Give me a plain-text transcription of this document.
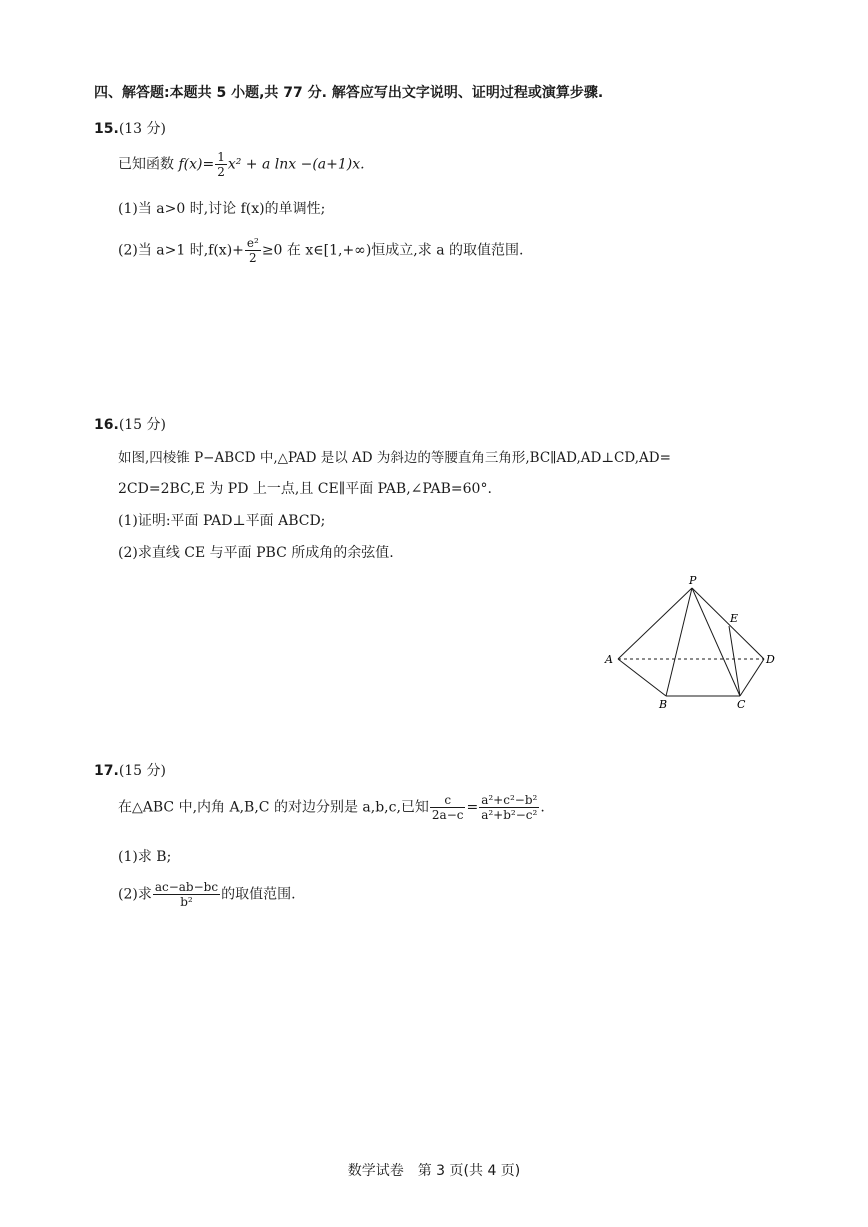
四、解答题:本题共 5 小题,共 77 分. 解答应写出文字说明、证明过程或演算步骤.
15.(13 分)
已知函数 $f(x)= \frac{1}{2} x^2 + a$ lnx −(a+1)x.
(1)当 a>0 时,讨论 f(x)的单调性;
(2)当 a>1 时$,f(x)+ \frac{\text{e²}}{2} \ge 0$ 在 x∈[1,+∞)恒成立,求 a 的取值范围.
16.(15 分)
如图,四棱锥 P−ABCD 中,△PAD 是以 AD 为斜边的等腰直角三角形,BC∥AD,AD⊥CD,AD=
2CD=2BC,E 为 PD 上一点,且 CE∥平面 PAB,∠PAB=60°.
(1)证明:平面 PAD⊥平面 ABCD;
(2)求直线 CE 与平面 PBC 所成角的余弦值.
P
A
B	C
D
E
17.(15 分)
在△ABC 中,内角 A,B,C 的对边分别是 a,b,c,已知 $\frac{c}{2a-c} = \frac{\text{a²+c²−b²}}{\text{a²+b²−c²}}$ .
(1)求 B;
(2)求 $\frac{ac-ab-bc}{\text{b²}}$ 的取值范围.
数学试卷　第 3 页(共 4 页)
